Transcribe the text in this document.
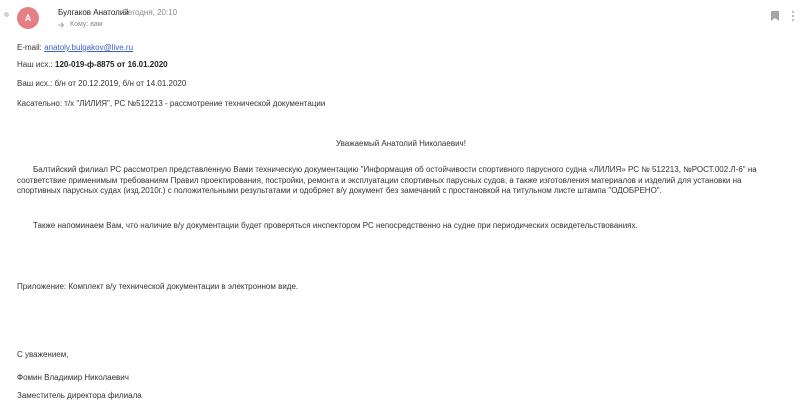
А
Булгаков Анатолий
Сегодня, 20:10
Кому: вам
E-mail: anatoly.bulgakov@live.ru
Наш исх.: 120-019-ф-8875 от 16.01.2020
Ваш исх.: б/н от 20.12.2019, б/н от 14.01.2020
Касательно: т/х "ЛИЛИЯ", РС №512213 - рассмотрение технической документации
Уважаемый Анатолий Николаевич!
Балтийский филиал РС рассмотрел представленную Вами техническую документацию "Информация об остойчивости спортивного парусного судна «ЛИЛИЯ» РС № 512213, №РОСТ.002.Л-6" на соответствие применимым требованиям Правил проектирования, постройки, ремонта и эксплуатации спортивных парусных судов, а также изготовления материалов и изделий для установки на спортивных парусных судах (изд.2010г.) с положительными результатами и одобряет в/у документ без замечаний с простановкой на титульном листе штампа "ОДОБРЕНО".
Также напоминаем Вам, что наличие в/у документации будет проверяться инспектором РС непосредственно на судне при периодических освидетельствованиях.
Приложение: Комплект в/у технической документации в электронном виде.
С уважением,
Фомин Владимир Николаевич
Заместитель директора филиала
